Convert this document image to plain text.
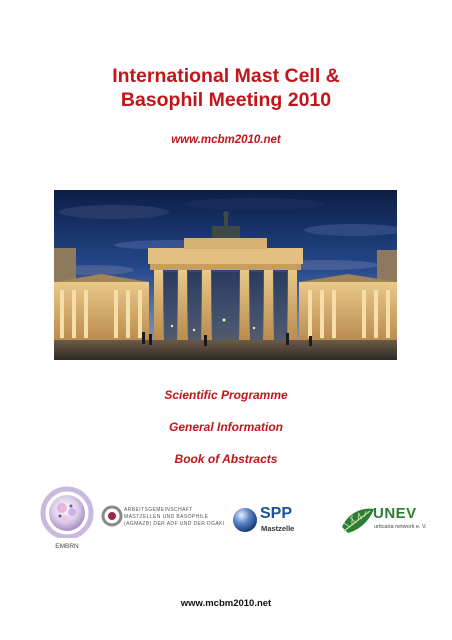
International Mast Cell &
Basophil Meeting 2010
www.mcbm2010.net
Scientific Programme
General Information
Book of Abstracts
EMBRN
ARBEITSGEMEINSCHAFT
MASTZELLEN UND BASOPHILE
(AGMAZB) DER ADF UND DER DGAKI
SPP
Mastzelle
UNEV
urticaria network e. V.
www.mcbm2010.net
